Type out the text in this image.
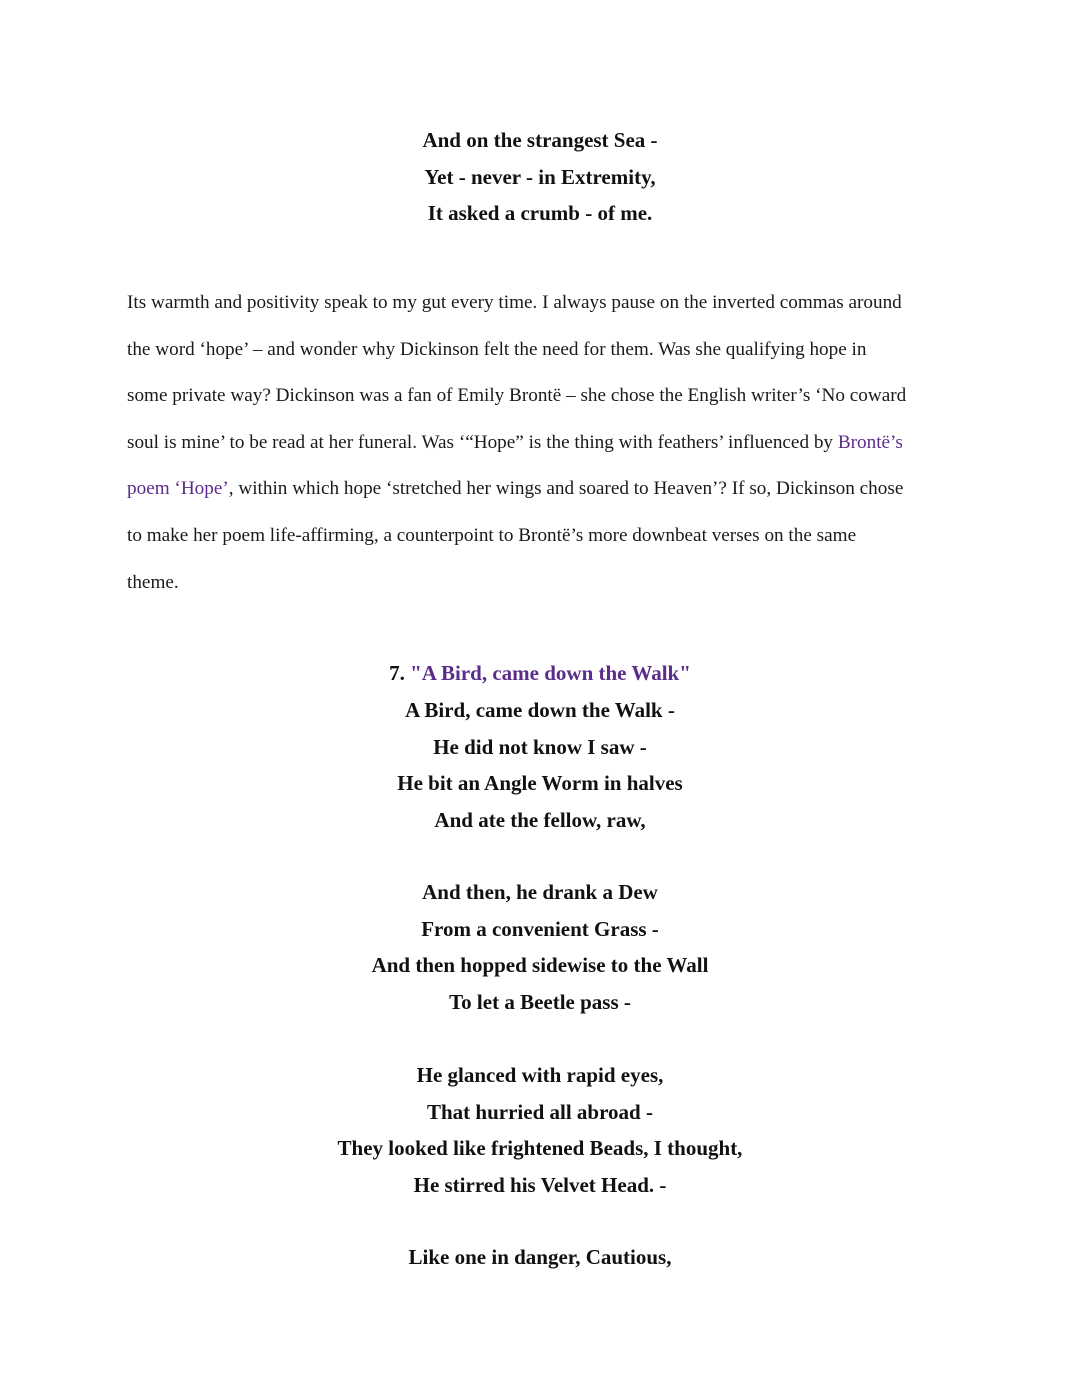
And on the strangest Sea -
Yet - never - in Extremity,
It asked a crumb - of me.
Its warmth and positivity speak to my gut every time. I always pause on the inverted commas around
the word ‘hope’ – and wonder why Dickinson felt the need for them. Was she qualifying hope in
some private way? Dickinson was a fan of Emily Brontë – she chose the English writer’s ‘No coward
soul is mine’ to be read at her funeral. Was ‘“Hope” is the thing with feathers’ influenced by Brontë’s
poem ‘Hope’, within which hope ‘stretched her wings and soared to Heaven’? If so, Dickinson chose
to make her poem life-affirming, a counterpoint to Brontë’s more downbeat verses on the same
theme.
7. "A Bird, came down the Walk"
A Bird, came down the Walk -
He did not know I saw -
He bit an Angle Worm in halves
And ate the fellow, raw,
And then, he drank a Dew
From a convenient Grass -
And then hopped sidewise to the Wall
To let a Beetle pass -
He glanced with rapid eyes,
That hurried all abroad -
They looked like frightened Beads, I thought,
He stirred his Velvet Head. -
Like one in danger, Cautious,
